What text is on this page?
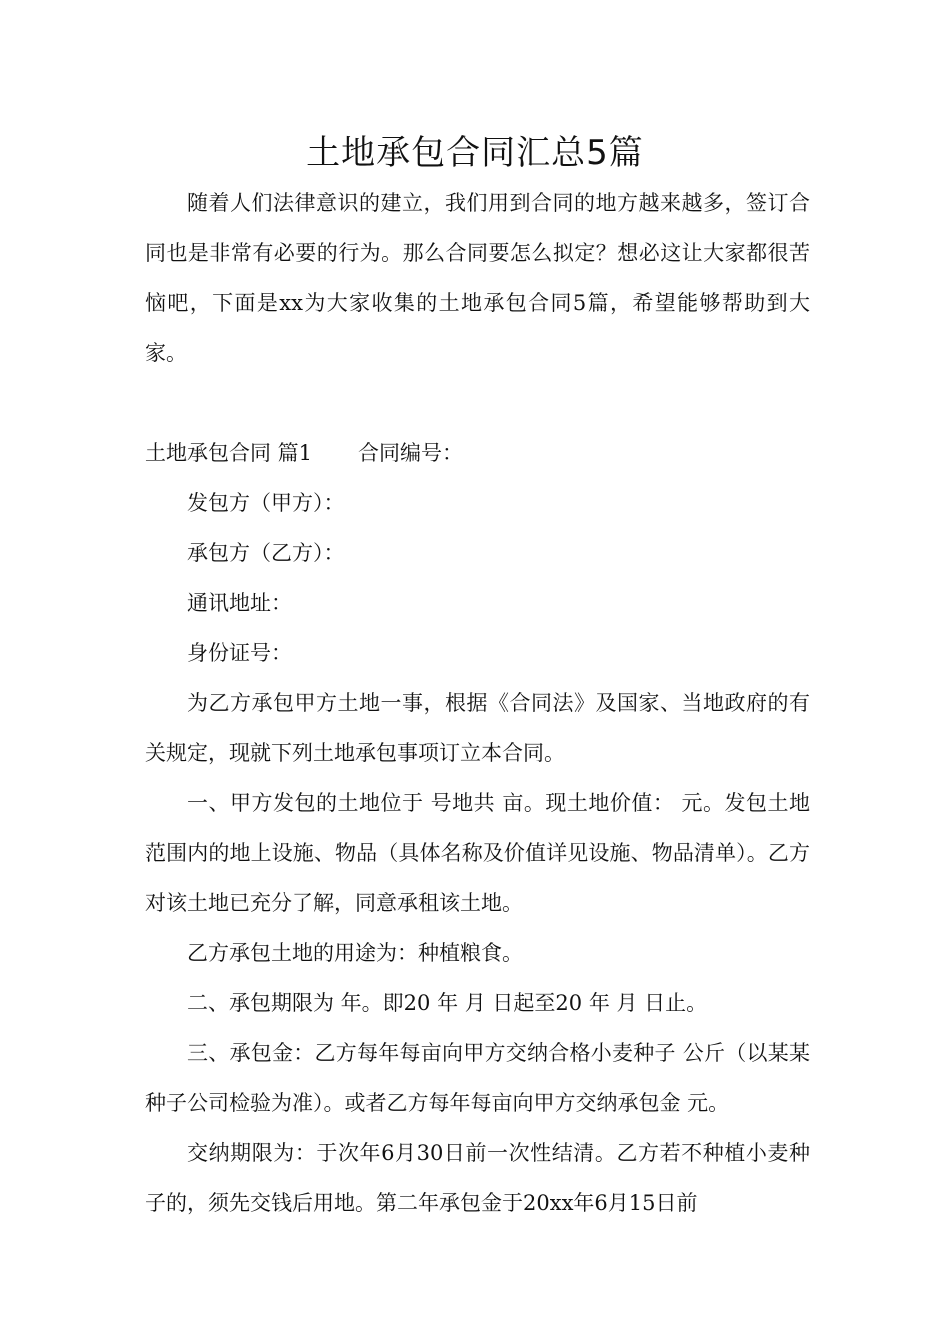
土地承包合同汇总5篇

随着人们法律意识的建立，我们用到合同的地方越来越多，签订合同也是非常有必要的行为。那么合同要怎么拟定？想必这让大家都很苦恼吧，下面是xx为大家收集的土地承包合同5篇，希望能够帮助到大家。

土地承包合同 篇1 合同编号：

发包方（甲方）：

承包方（乙方）：

通讯地址：

身份证号：

为乙方承包甲方土地一事，根据《合同法》及国家、当地政府的有关规定，现就下列土地承包事项订立本合同。

一、甲方发包的土地位于 号地共 亩。现土地价值： 元。发包土地范围内的地上设施、物品（具体名称及价值详见设施、物品清单）。乙方对该土地已充分了解，同意承租该土地。

乙方承包土地的用途为：种植粮食。

二、承包期限为 年。即20 年 月 日起至20 年 月 日止。

三、承包金：乙方每年每亩向甲方交纳合格小麦种子 公斤（以某某种子公司检验为准）。或者乙方每年每亩向甲方交纳承包金 元。

交纳期限为：于次年6月30日前一次性结清。乙方若不种植小麦种子的，须先交钱后用地。第二年承包金于20xx年6月15日前
